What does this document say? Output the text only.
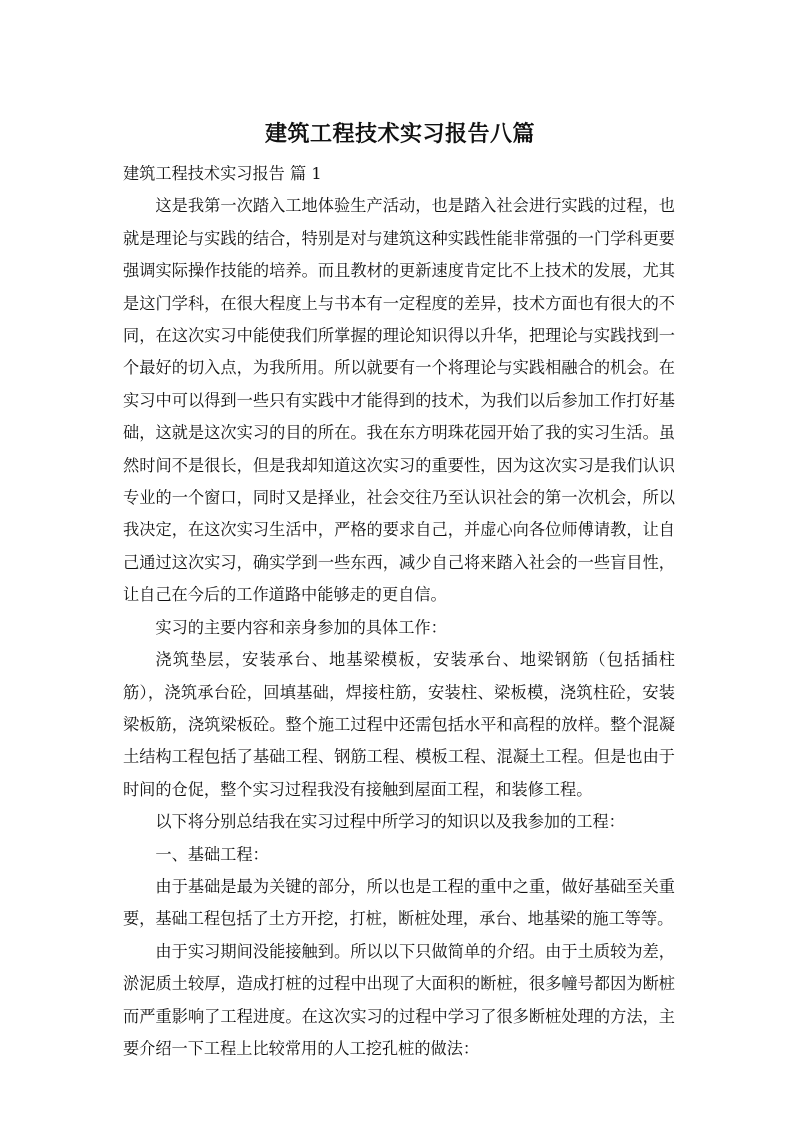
建筑工程技术实习报告八篇

建筑工程技术实习报告 篇 1

这是我第一次踏入工地体验生产活动，也是踏入社会进行实践的过程，也就是理论与实践的结合，特别是对与建筑这种实践性能非常强的一门学科更要强调实际操作技能的培养。而且教材的更新速度肯定比不上技术的发展，尤其是这门学科，在很大程度上与书本有一定程度的差异，技术方面也有很大的不同，在这次实习中能使我们所掌握的理论知识得以升华，把理论与实践找到一个最好的切入点，为我所用。所以就要有一个将理论与实践相融合的机会。在实习中可以得到一些只有实践中才能得到的技术，为我们以后参加工作打好基础，这就是这次实习的目的所在。我在东方明珠花园开始了我的实习生活。虽然时间不是很长，但是我却知道这次实习的重要性，因为这次实习是我们认识专业的一个窗口，同时又是择业，社会交往乃至认识社会的第一次机会，所以我决定，在这次实习生活中，严格的要求自己，并虚心向各位师傅请教，让自己通过这次实习，确实学到一些东西，减少自己将来踏入社会的一些盲目性，让自己在今后的工作道路中能够走的更自信。

实习的主要内容和亲身参加的具体工作：

浇筑垫层，安装承台、地基梁模板，安装承台、地梁钢筋（包括插柱筋），浇筑承台砼，回填基础，焊接柱筋，安装柱、梁板模，浇筑柱砼，安装梁板筋，浇筑梁板砼。整个施工过程中还需包括水平和高程的放样。整个混凝土结构工程包括了基础工程、钢筋工程、模板工程、混凝土工程。但是也由于时间的仓促，整个实习过程我没有接触到屋面工程，和装修工程。

以下将分别总结我在实习过程中所学习的知识以及我参加的工程：

一、基础工程：

由于基础是最为关键的部分，所以也是工程的重中之重，做好基础至关重要，基础工程包括了土方开挖，打桩，断桩处理，承台、地基梁的施工等等。

由于实习期间没能接触到。所以以下只做简单的介绍。由于土质较为差，淤泥质土较厚，造成打桩的过程中出现了大面积的断桩，很多幢号都因为断桩而严重影响了工程进度。在这次实习的过程中学习了很多断桩处理的方法，主要介绍一下工程上比较常用的人工挖孔桩的做法：
